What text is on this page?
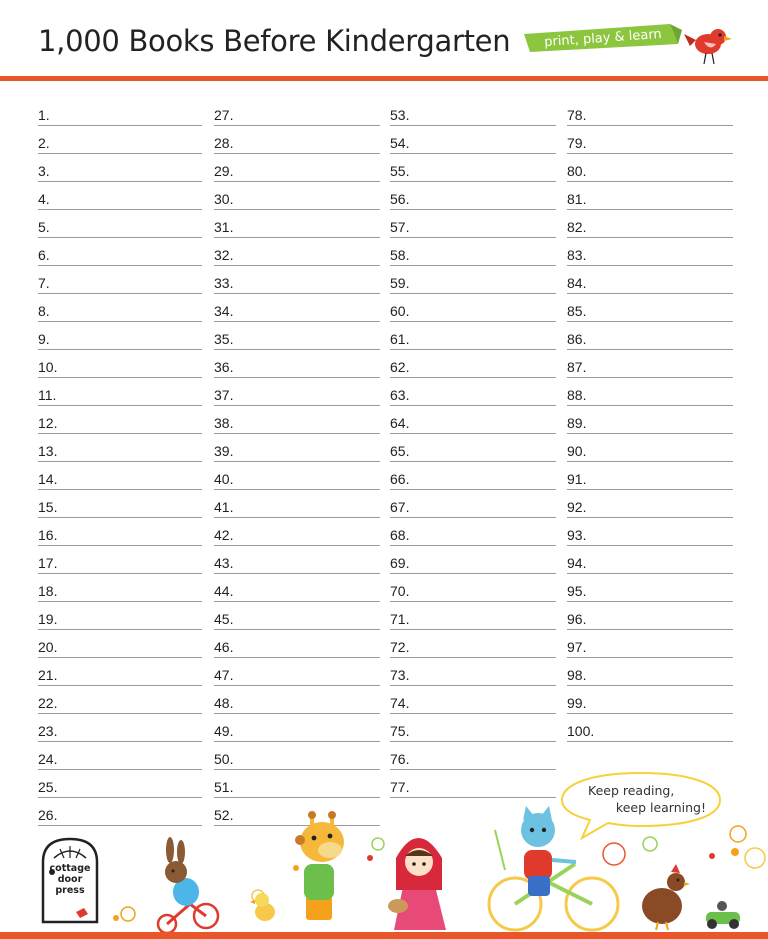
1,000 Books Before Kindergarten	print, play & learn
1.
2.
3.
4.
5.
6.
7.
8.
9.
10.
11.
12.
13.
14.
15.
16.
17.
18.
19.
20.
21.
22.
23.
24.
25.
26.
27.
28.
29.
30.
31.
32.
33.
34.
35.
36.
37.
38.
39.
40.
41.
42.
43.
44.
45.
46.
47.
48.
49.
50.
51.
52.
53.
54.
55.
56.
57.
58.
59.
60.
61.
62.
63.
64.
65.
66.
67.
68.
69.
70.
71.
72.
73.
74.
75.
76.
77.
78.
79.
80.
81.
82.
83.
84.
85.
86.
87.
88.
89.
90.
91.
92.
93.
94.
95.
96.
97.
98.
99.
100.
Keep reading,
keep learning!
cottage
door
press
